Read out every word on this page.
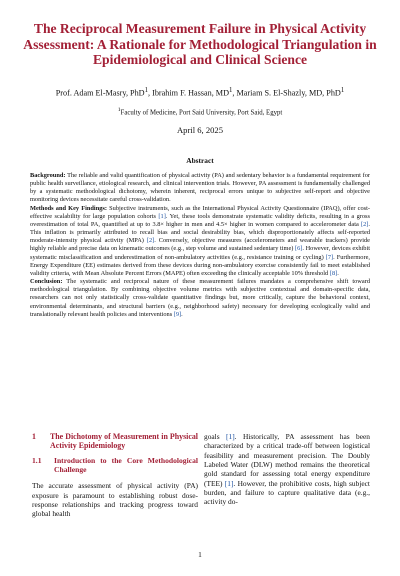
The Reciprocal Measurement Failure in Physical Activity Assessment: A Rationale for Methodological Triangulation in Epidemiological and Clinical Science
Prof. Adam El-Masry, PhD$^1$, Ibrahim F. Hassan, $MD^1$, Mariam S. El-Shazly, MD, PhD$^1$
$^1$Faculty of Medicine, Port Said University, Port Said, Egypt
April 6, 2025
Abstract

Background: The reliable and valid quantification of physical activity (PA) and sedentary behavior is a fundamental requirement for public health surveillance, etiological research, and clinical intervention trials. However, PA assessment is fundamentally challenged by a systematic methodological dichotomy, wherein inherent, reciprocal errors unique to subjective self-report and objective monitoring devices necessitate careful cross-validation.

Methods and Key Findings: Subjective instruments, such as the International Physical Activity Questionnaire (IPAQ), offer cost-effective scalability for large population cohorts [1]. Yet, these tools demonstrate systematic validity deficits, resulting in a gross overestimation of total PA, quantified at up to 3.8× higher in men and 4.5× higher in women compared to accelerometer data [2]. This inflation is primarily attributed to recall bias and social desirability bias, which disproportionately affects self-reported moderate-intensity physical activity (MPA) [2]. Conversely, objective measures (accelerometers and wearable trackers) provide highly reliable and precise data on kinematic outcomes (e.g., step volume and sustained sedentary time) [6]. However, devices exhibit systematic misclassification and underestimation of non-ambulatory activities (e.g., resistance training or cycling) [7]. Furthermore, Energy Expenditure (EE) estimates derived from these devices during non-ambulatory exercise consistently fail to meet established validity criteria, with Mean Absolute Percent Errors (MAPE) often exceeding the clinically acceptable 10% threshold [8].

Conclusion: The systematic and reciprocal nature of these measurement failures mandates a comprehensive shift toward methodological triangulation. By combining objective volume metrics with subjective contextual and domain-specific data, researchers can not only statistically cross-validate quantitative findings but, more critically, capture the behavioral context, environmental determinants, and structural barriers (e.g., neighborhood safety) necessary for developing ecologically valid and translationally relevant health policies and interventions [9].

1	The Dichotomy of Measurement in Physical Activity Epidemiology
1.1	Introduction to the Core Methodological Challenge

The accurate assessment of physical activity (PA) exposure is paramount to establishing robust dose-response relationships and tracking progress toward global health

goals [1]. Historically, PA assessment has been characterized by a critical trade-off between logistical feasibility and measurement precision. The Doubly Labeled Water (DLW) method remains the theoretical gold standard for assessing total energy expenditure (TEE) [1]. However, the prohibitive costs, high subject burden, and failure to capture qualitative data (e.g., activity do-

1
